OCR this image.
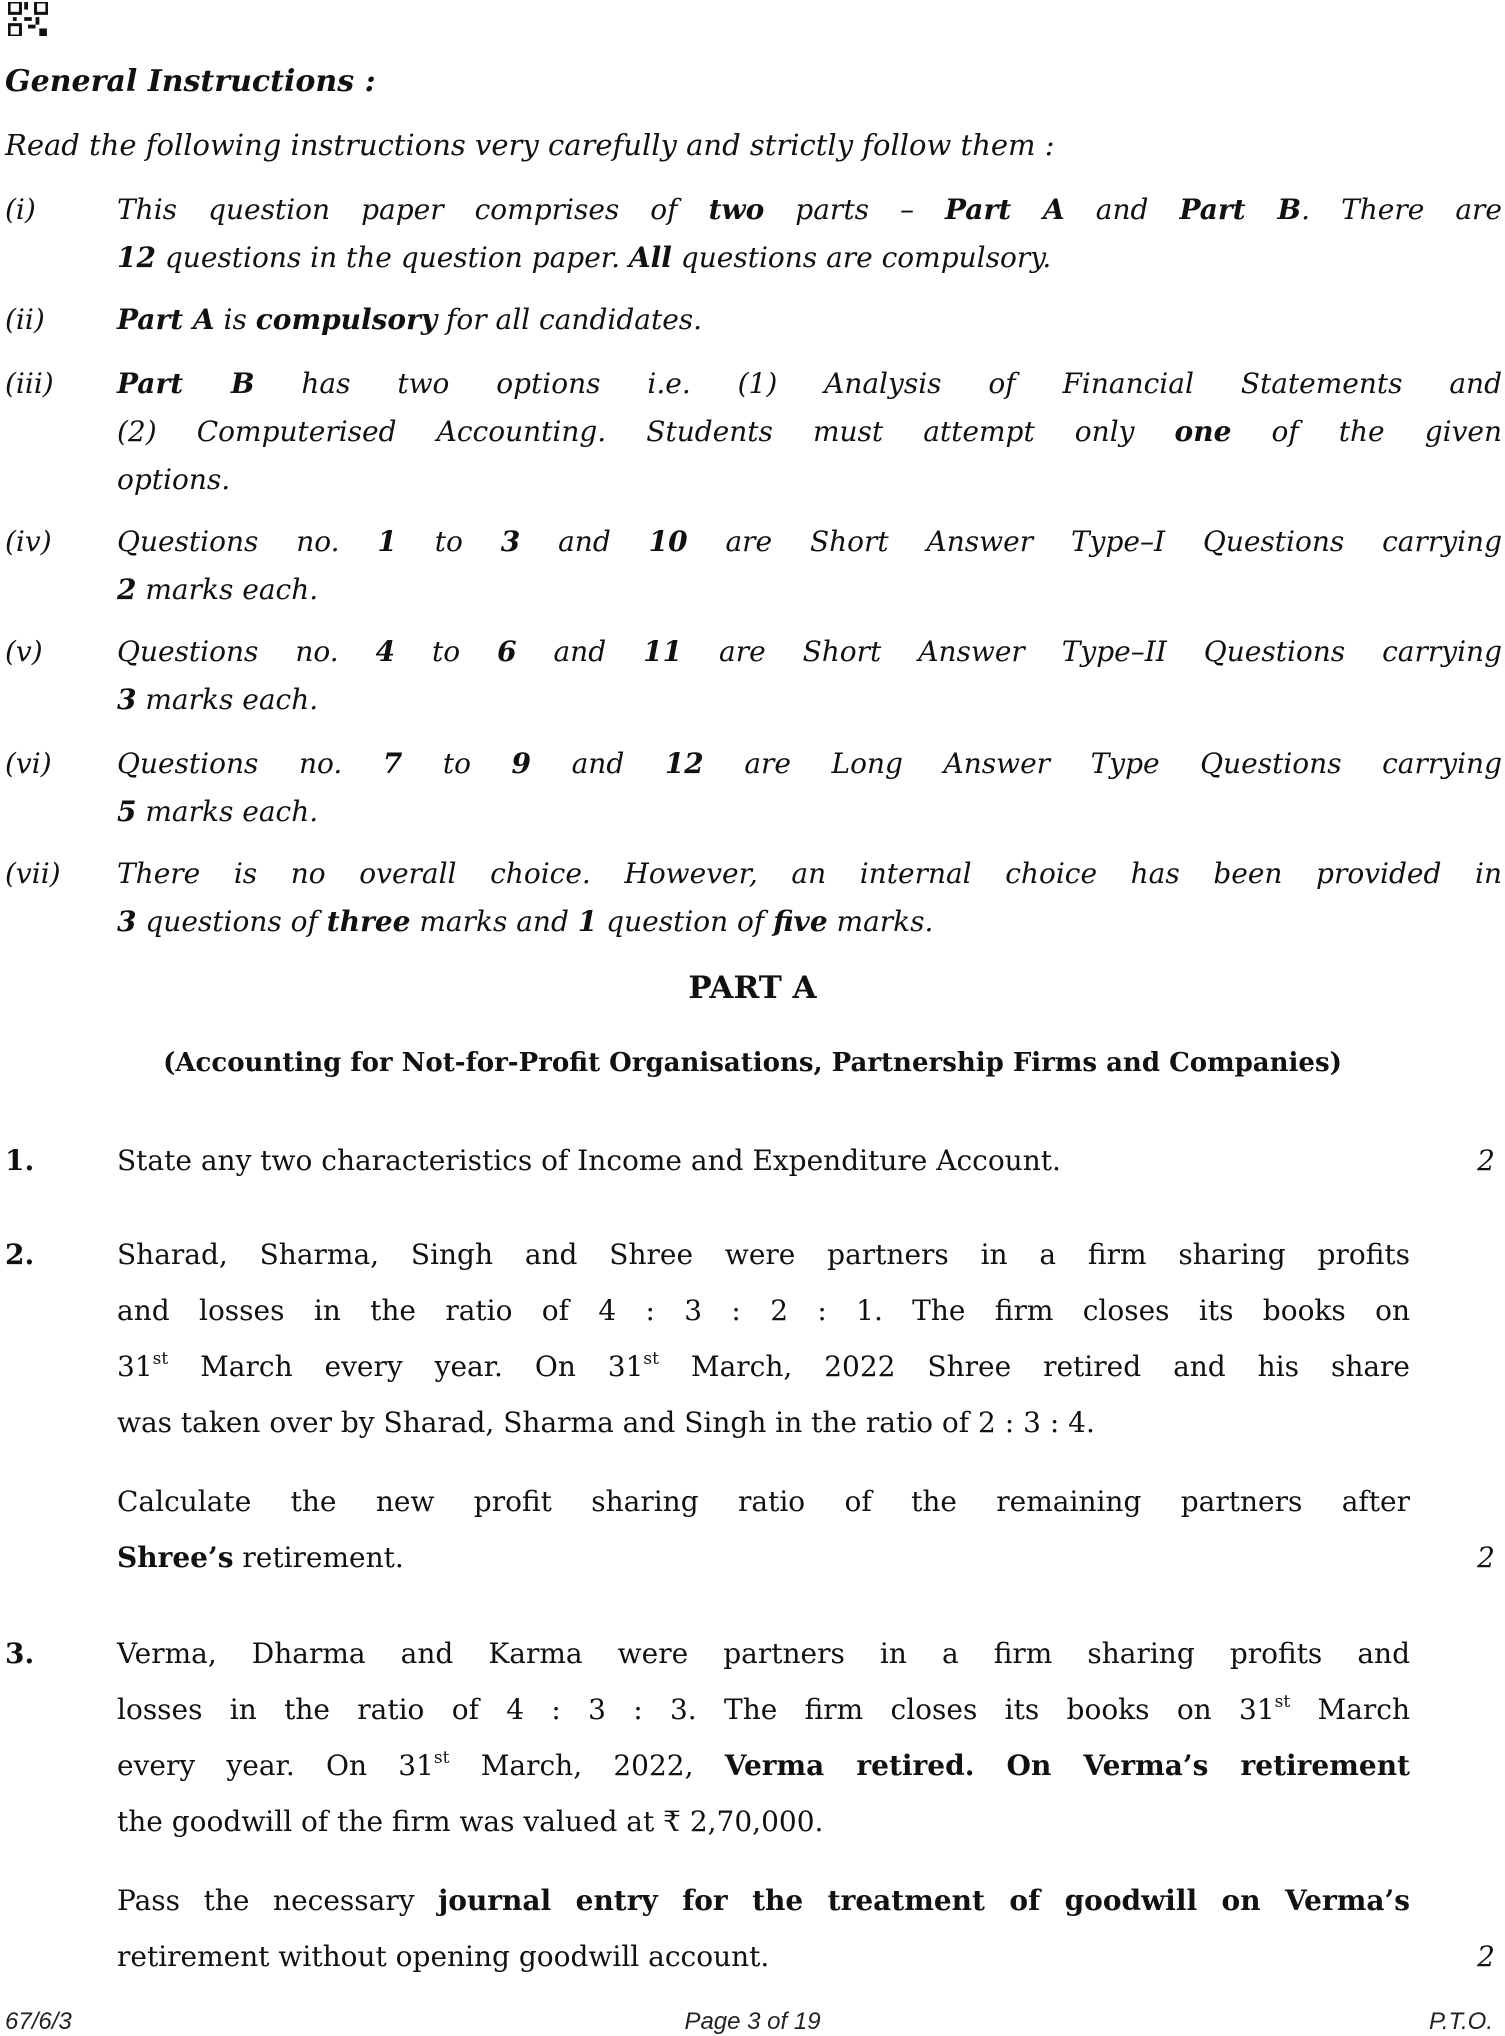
General Instructions :
Read the following instructions very carefully and strictly follow them :
(i)	This question paper comprises of two parts – Part A and Part B. There are
12 questions in the question paper. All questions are compulsory.
(ii)	Part A is compulsory for all candidates.
(iii) Part B has two options i.e. (1) Analysis of Financial Statements and
(2) Computerised Accounting. Students must attempt only one of the given
options.
(iv) Questions no. 1 to 3 and 10 are Short Answer Type–I Questions carrying
2 marks each.
(v)	Questions no. 4 to 6 and 11 are Short Answer Type–II Questions carrying
3 marks each.
(vi) Questions no. 7 to 9 and 12 are Long Answer Type Questions carrying
5 marks each.
(vii) There is no overall choice. However, an internal choice has been provided in
3 questions of three marks and 1 question of five marks.
PART A
(Accounting for Not-for-Profit Organisations, Partnership Firms and Companies)
1.	State any two characteristics of Income and Expenditure Account.	2
2.	Sharad, Sharma, Singh and Shree were partners in a firm sharing profits
and losses in the ratio of 4 : 3 : 2 : 1. The firm closes its books on
31st March every year. On 31st March, 2022 Shree retired and his share
was taken over by Sharad, Sharma and Singh in the ratio of 2 : 3 : 4.
Calculate the new profit sharing ratio of the remaining partners after
Shree’s retirement.	2
3.	Verma, Dharma and Karma were partners in a firm sharing profits and
losses in the ratio of 4 : 3 : 3. The firm closes its books on 31st March
every year. On 31st March, 2022, Verma retired. On Verma’s retirement
the goodwill of the firm was valued at ₹ 2,70,000.
Pass the necessary journal entry for the treatment of goodwill on Verma’s
retirement without opening goodwill account.	2
67/6/3	Page 3 of 19	P.T.O.
